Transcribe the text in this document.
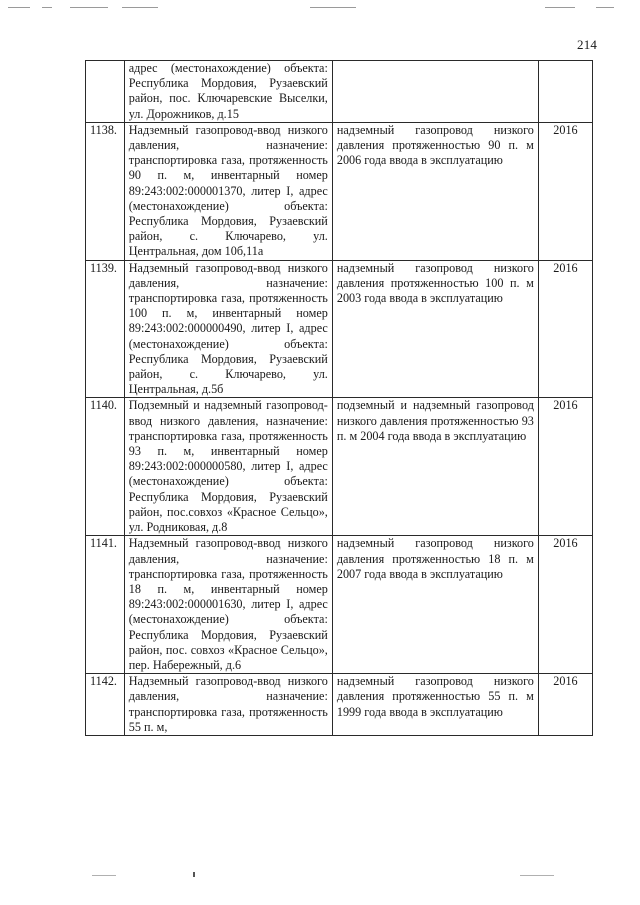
214
	адрес (местонахождение) объекта: Республика Мордовия, Рузаевский район, пос. Ключаревские Выселки, ул. Дорожников, д.15		
1138.	Надземный газопровод-ввод низкого давления, назначение: транспортировка газа, протяженность 90 п. м, инвентарный номер 89:243:002:000001370, литер I, адрес (местонахождение) объекта: Республика Мордовия, Рузаевский район, с. Ключарево, ул. Центральная, дом 10б,11а	надземный газопровод низкого давления протяженностью 90 п. м 2006 года ввода в эксплуатацию	2016
1139.	Надземный газопровод-ввод низкого давления, назначение: транспортировка газа, протяженность 100 п. м, инвентарный номер 89:243:002:000000490, литер I, адрес (местонахождение) объекта: Республика Мордовия, Рузаевский район, с. Ключарево, ул. Центральная, д.5б	надземный газопровод низкого давления протяженностью 100 п. м 2003 года ввода в эксплуатацию	2016
1140.	Подземный и надземный газопровод-ввод низкого давления, назначение: транспортировка газа, протяженность 93 п. м, инвентарный номер 89:243:002:000000580, литер I, адрес (местонахождение) объекта: Республика Мордовия, Рузаевский район, пос.совхоз «Красное Сельцо», ул. Родниковая, д.8	подземный и надземный газопровод низкого давления протяженностью 93 п. м 2004 года ввода в эксплуатацию	2016
1141.	Надземный газопровод-ввод низкого давления, назначение: транспортировка газа, протяженность 18 п. м, инвентарный номер 89:243:002:000001630, литер I, адрес (местонахождение) объекта: Республика Мордовия, Рузаевский район, пос. совхоз «Красное Сельцо», пер. Набережный, д.6	надземный газопровод низкого давления протяженностью 18 п. м 2007 года ввода в эксплуатацию	2016
1142.	Надземный газопровод-ввод низкого давления, назначение: транспортировка газа, протяженность 55 п. м,	надземный газопровод низкого давления протяженностью 55 п. м 1999 года ввода в эксплуатацию	2016
